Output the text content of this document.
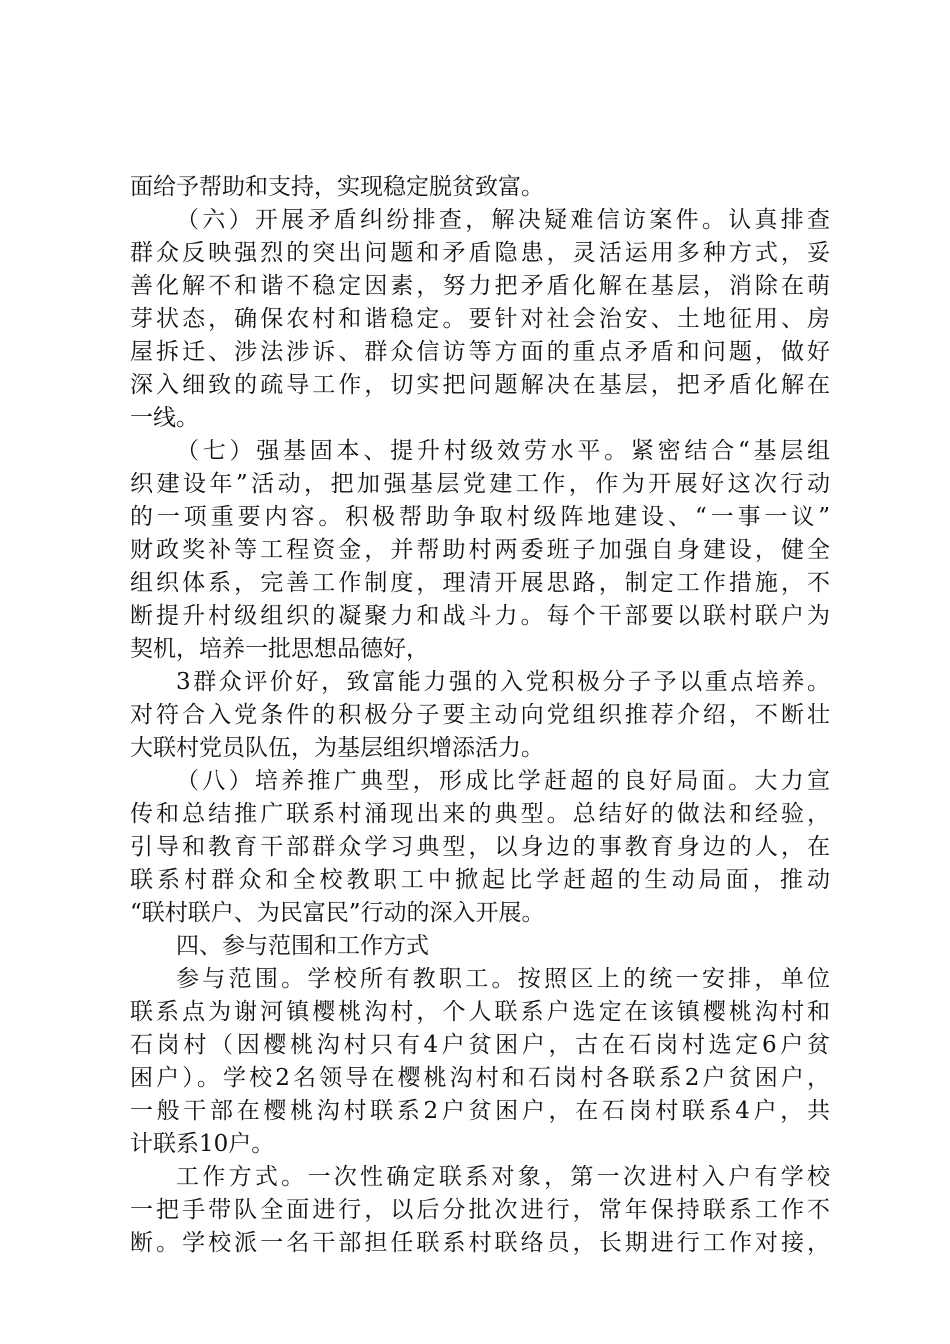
面给予帮助和支持，实现稳定脱贫致富。
（六）开展矛盾纠纷排查，解决疑难信访案件。认真排查
群众反映强烈的突出问题和矛盾隐患，灵活运用多种方式，妥
善化解不和谐不稳定因素，努力把矛盾化解在基层，消除在萌
芽状态，确保农村和谐稳定。要针对社会治安、土地征用、房
屋拆迁、涉法涉诉、群众信访等方面的重点矛盾和问题，做好
深入细致的疏导工作，切实把问题解决在基层，把矛盾化解在
一线。
（七）强基固本、提升村级效劳水平。紧密结合“基层组
织建设年”活动，把加强基层党建工作，作为开展好这次行动
的一项重要内容。积极帮助争取村级阵地建设、“一事一议”
财政奖补等工程资金，并帮助村两委班子加强自身建设，健全
组织体系，完善工作制度，理清开展思路，制定工作措施，不
断提升村级组织的凝聚力和战斗力。每个干部要以联村联户为
契机，培养一批思想品德好，
3群众评价好，致富能力强的入党积极分子予以重点培养。
对符合入党条件的积极分子要主动向党组织推荐介绍，不断壮
大联村党员队伍，为基层组织增添活力。
（八）培养推广典型，形成比学赶超的良好局面。大力宣
传和总结推广联系村涌现出来的典型。总结好的做法和经验，
引导和教育干部群众学习典型，以身边的事教育身边的人，在
联系村群众和全校教职工中掀起比学赶超的生动局面，推动
“联村联户、为民富民”行动的深入开展。
四、参与范围和工作方式
参与范围。学校所有教职工。按照区上的统一安排，单位
联系点为谢河镇樱桃沟村，个人联系户选定在该镇樱桃沟村和
石岗村（因樱桃沟村只有4户贫困户，古在石岗村选定6户贫
困户）。学校2名领导在樱桃沟村和石岗村各联系2户贫困户，
一般干部在樱桃沟村联系2户贫困户，在石岗村联系4户，共
计联系10户。
工作方式。一次性确定联系对象，第一次进村入户有学校
一把手带队全面进行，以后分批次进行，常年保持联系工作不
断。学校派一名干部担任联系村联络员，长期进行工作对接，
